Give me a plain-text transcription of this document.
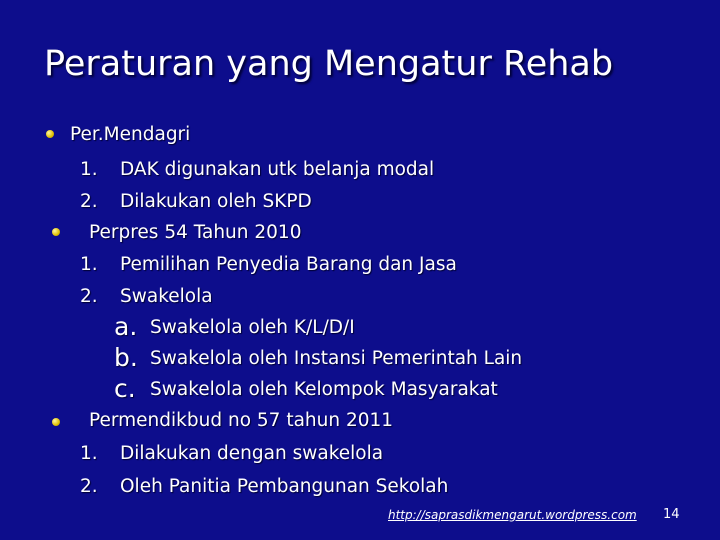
Peraturan yang Mengatur Rehab
Per.Mendagri
1. DAK digunakan utk belanja modal
2. Dilakukan oleh SKPD
Perpres 54 Tahun 2010
1. Pemilihan Penyedia Barang dan Jasa
2. Swakelola
a. Swakelola oleh K/L/D/I
b. Swakelola oleh Instansi Pemerintah Lain
c. Swakelola oleh Kelompok Masyarakat
Permendikbud no 57 tahun 2011
1. Dilakukan dengan swakelola
2. Oleh Panitia Pembangunan Sekolah
http://saprasdikmengarut.wordpress.com 14
